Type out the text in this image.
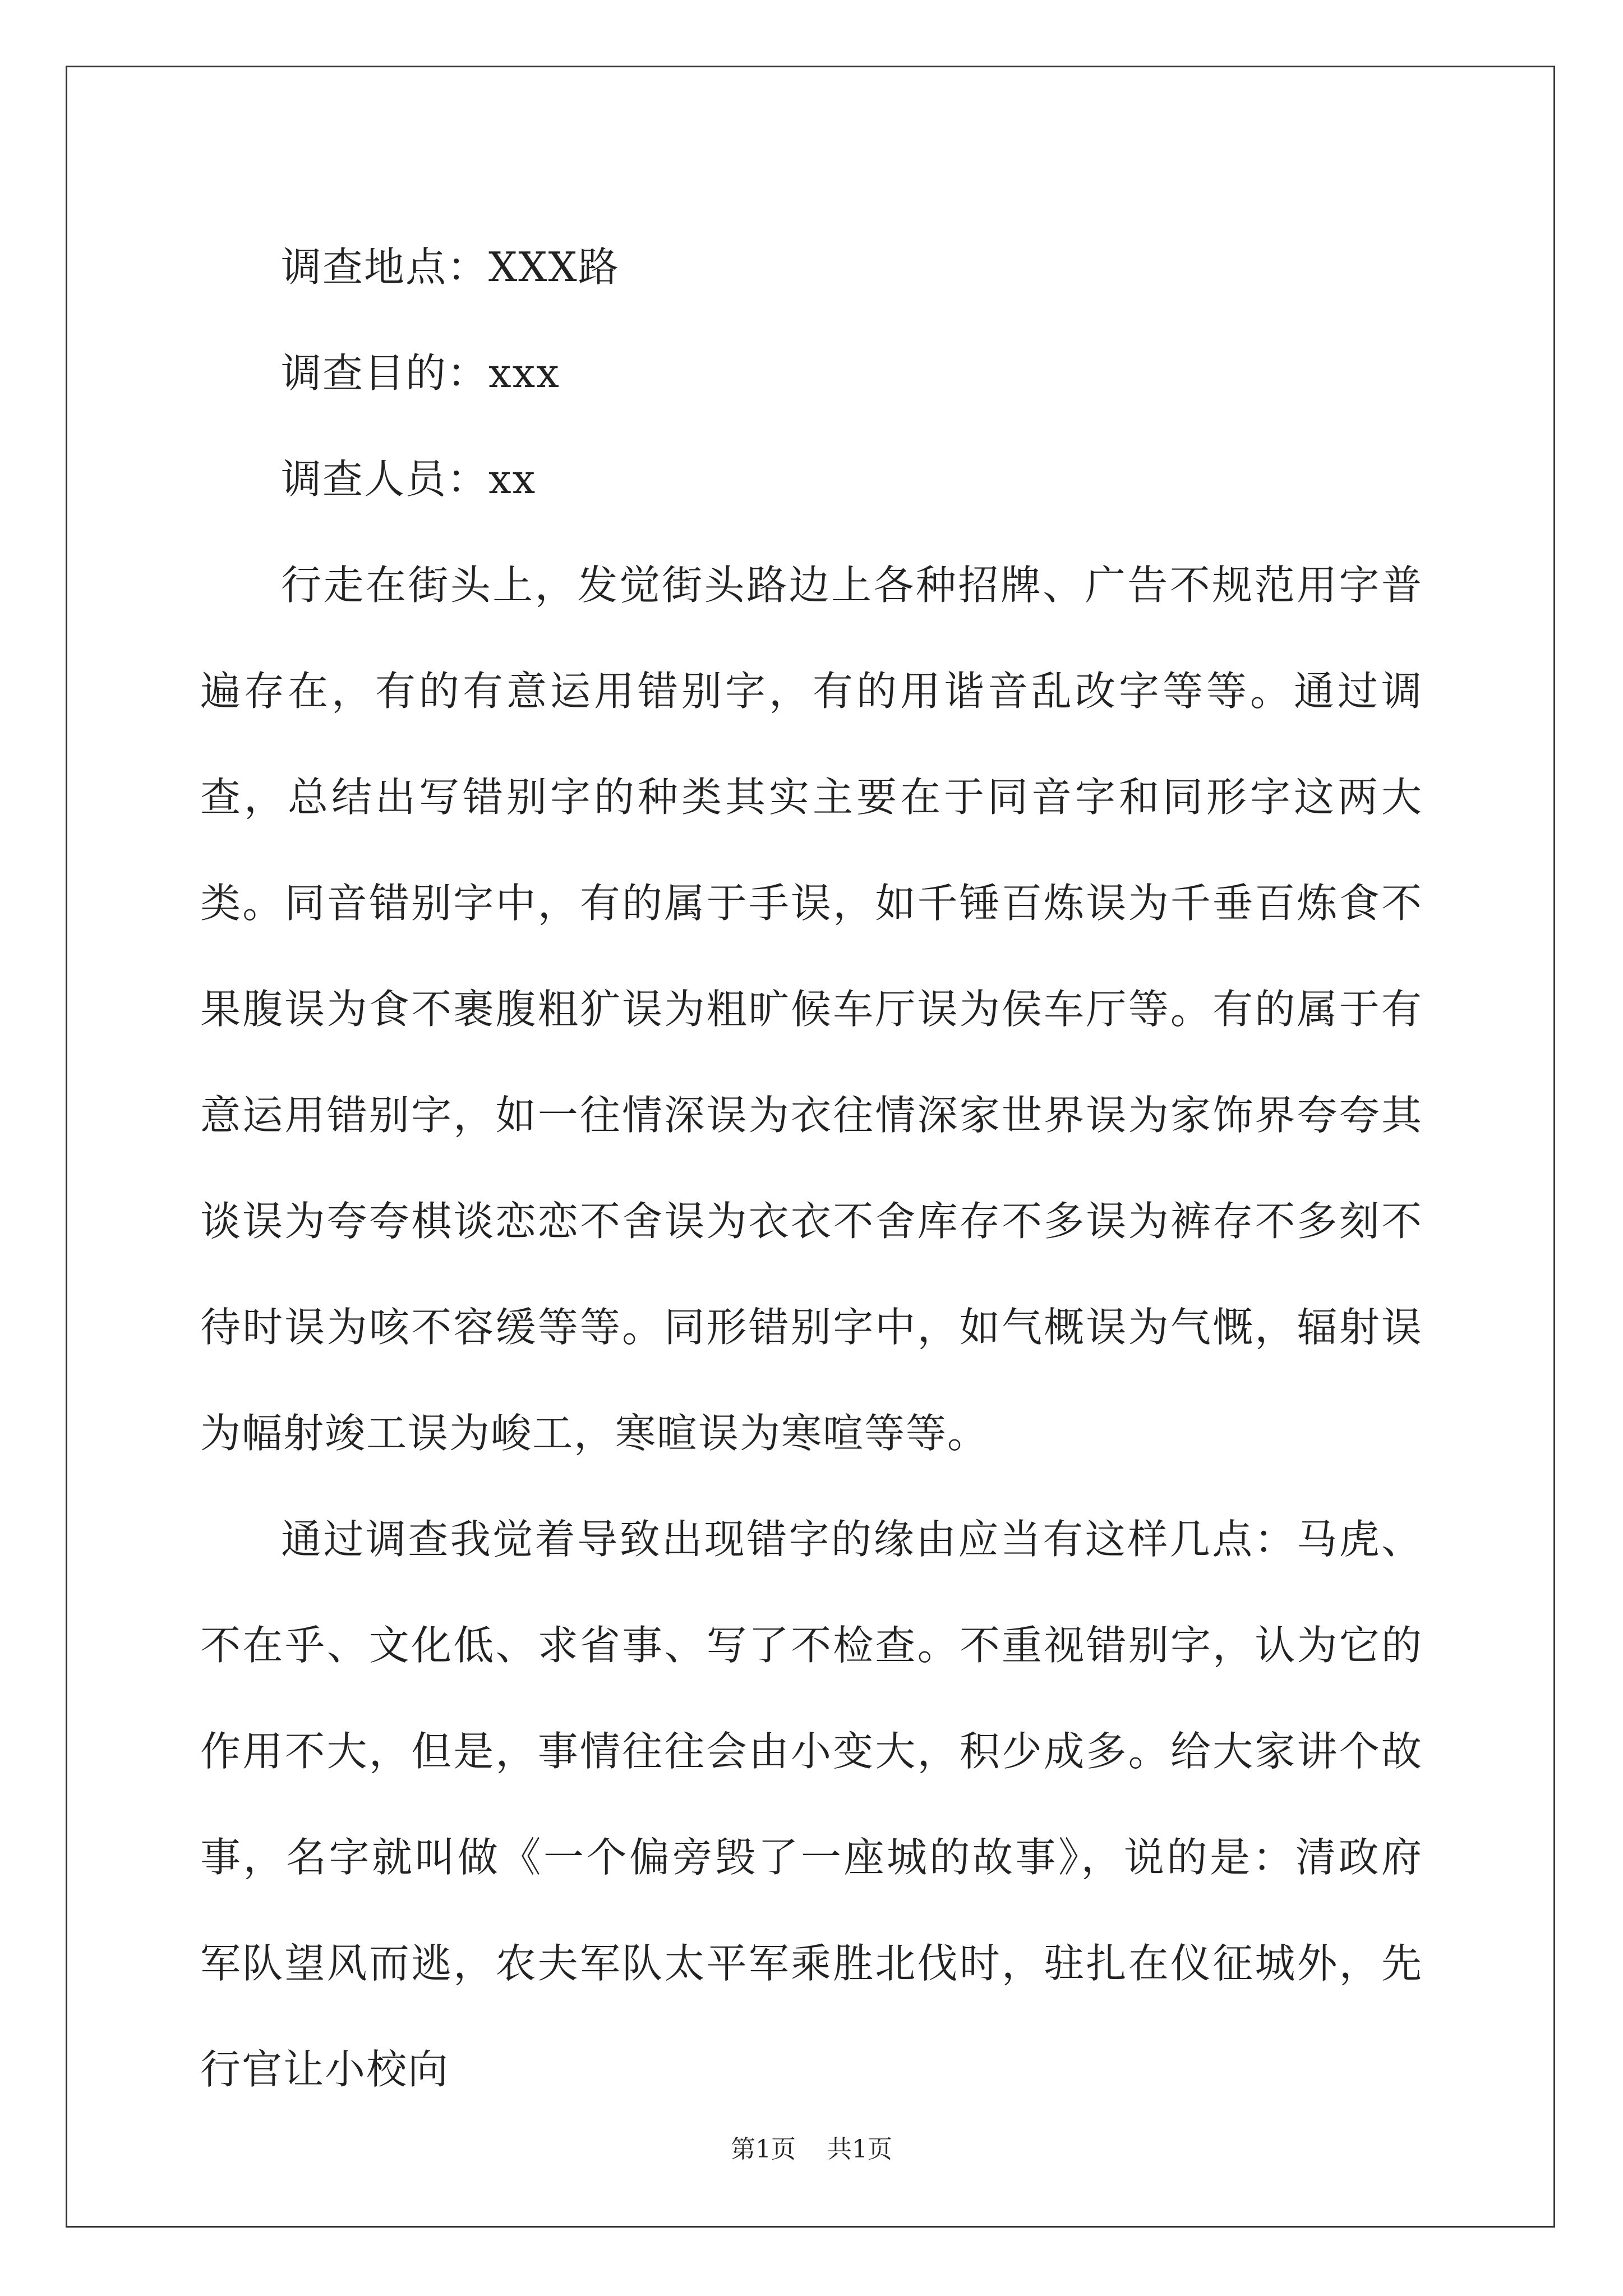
调查地点：XXX路

调查目的：xxx

调查人员：xx

行走在街头上，发觉街头路边上各种招牌、广告不规范用字普遍存在，有的有意运用错别字，有的用谐音乱改字等等。通过调查，总结出写错别字的种类其实主要在于同音字和同形字这两大类。同音错别字中，有的属于手误，如千锤百炼误为千垂百炼食不果腹误为食不裹腹粗犷误为粗旷候车厅误为侯车厅等。有的属于有意运用错别字，如一往情深误为衣往情深家世界误为家饰界夸夸其谈误为夸夸棋谈恋恋不舍误为衣衣不舍库存不多误为裤存不多刻不待时误为咳不容缓等等。同形错别字中，如气概误为气慨，辐射误为幅射竣工误为峻工，寒暄误为寒喧等等。

通过调查我觉着导致出现错字的缘由应当有这样几点：马虎、不在乎、文化低、求省事、写了不检查。不重视错别字，认为它的作用不大，但是，事情往往会由小变大，积少成多。给大家讲个故事，名字就叫做《一个偏旁毁了一座城的故事》，说的是：清政府军队望风而逃，农夫军队太平军乘胜北伐时，驻扎在仪征城外，先行官让小校向

第1页    共1页
